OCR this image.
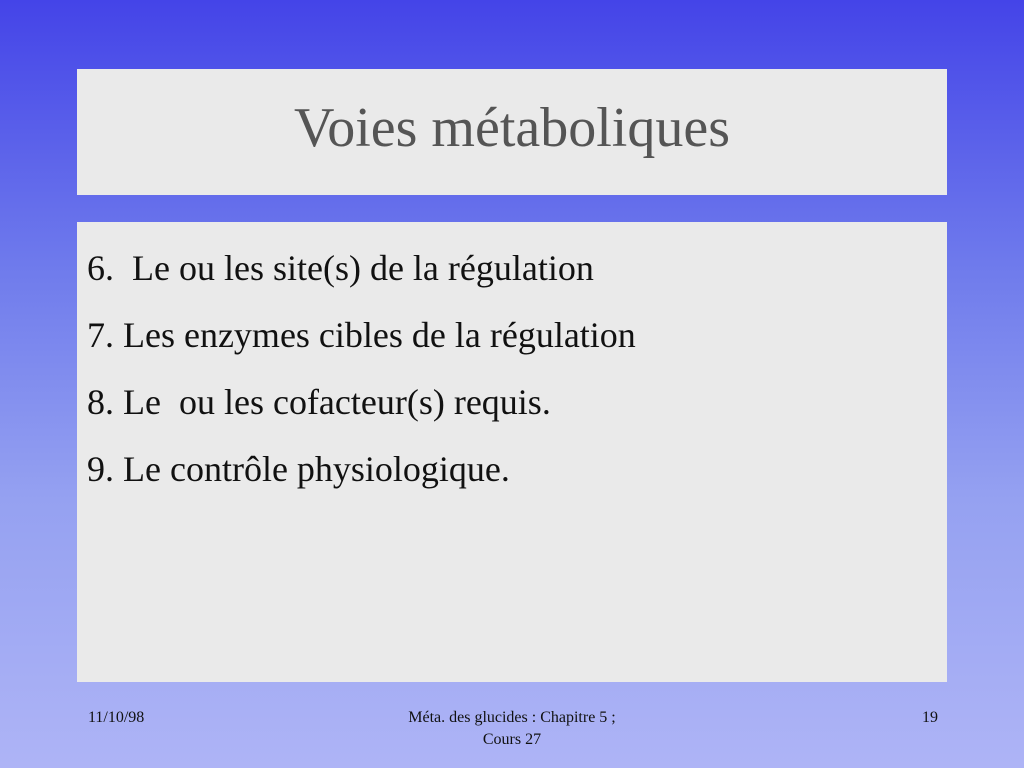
Voies métaboliques
6.  Le ou les site(s) de la régulation
7. Les enzymes cibles de la régulation
8. Le  ou les cofacteur(s) requis.
9. Le contrôle physiologique.
11/10/98	Méta. des glucides : Chapitre 5 ;
Cours 27
19
